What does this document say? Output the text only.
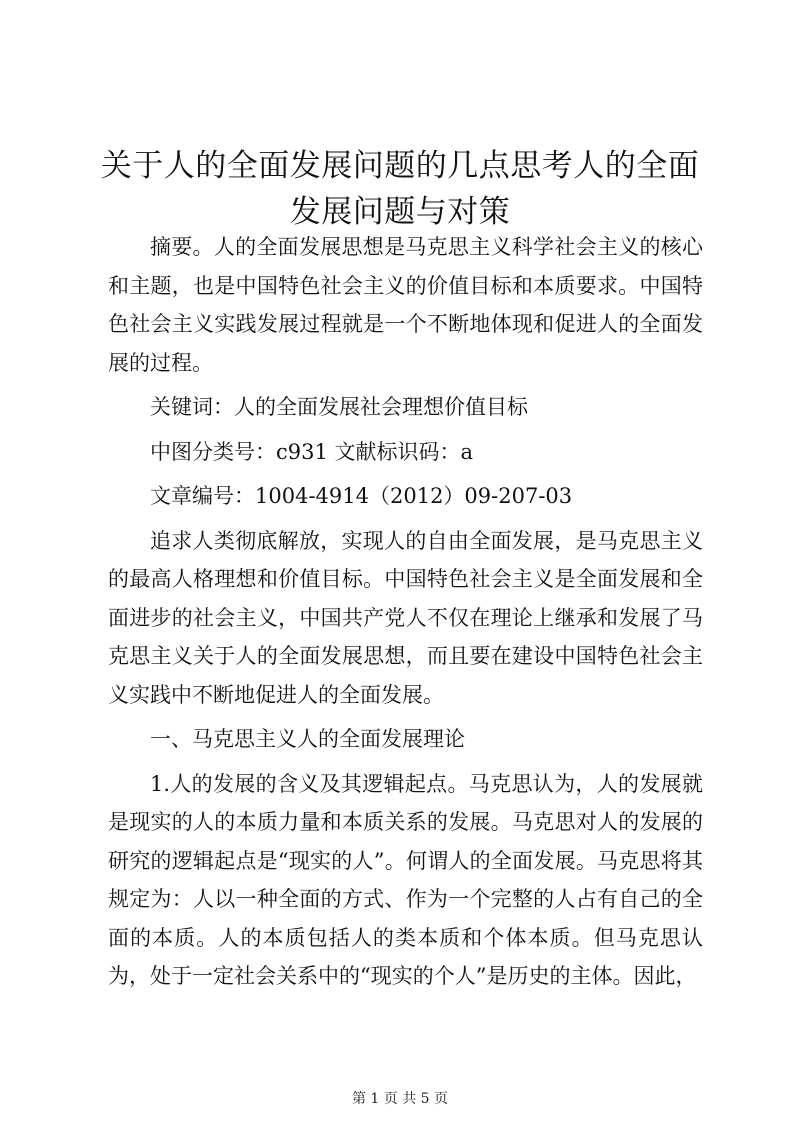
关于人的全面发展问题的几点思考人的全面发展问题与对策

摘要。人的全面发展思想是马克思主义科学社会主义的核心和主题，也是中国特色社会主义的价值目标和本质要求。中国特色社会主义实践发展过程就是一个不断地体现和促进人的全面发展的过程。

关键词：人的全面发展社会理想价值目标

中图分类号：c931 文献标识码：a

文章编号：1004-4914（2012）09-207-03

追求人类彻底解放，实现人的自由全面发展，是马克思主义的最高人格理想和价值目标。中国特色社会主义是全面发展和全面进步的社会主义，中国共产党人不仅在理论上继承和发展了马克思主义关于人的全面发展思想，而且要在建设中国特色社会主义实践中不断地促进人的全面发展。

一、马克思主义人的全面发展理论

1.人的发展的含义及其逻辑起点。马克思认为，人的发展就是现实的人的本质力量和本质关系的发展。马克思对人的发展的研究的逻辑起点是“现实的人”。何谓人的全面发展。马克思将其规定为：人以一种全面的方式、作为一个完整的人占有自己的全面的本质。人的本质包括人的类本质和个体本质。但马克思认为，处于一定社会关系中的“现实的个人”是历史的主体。因此，

第 1 页 共 5 页
